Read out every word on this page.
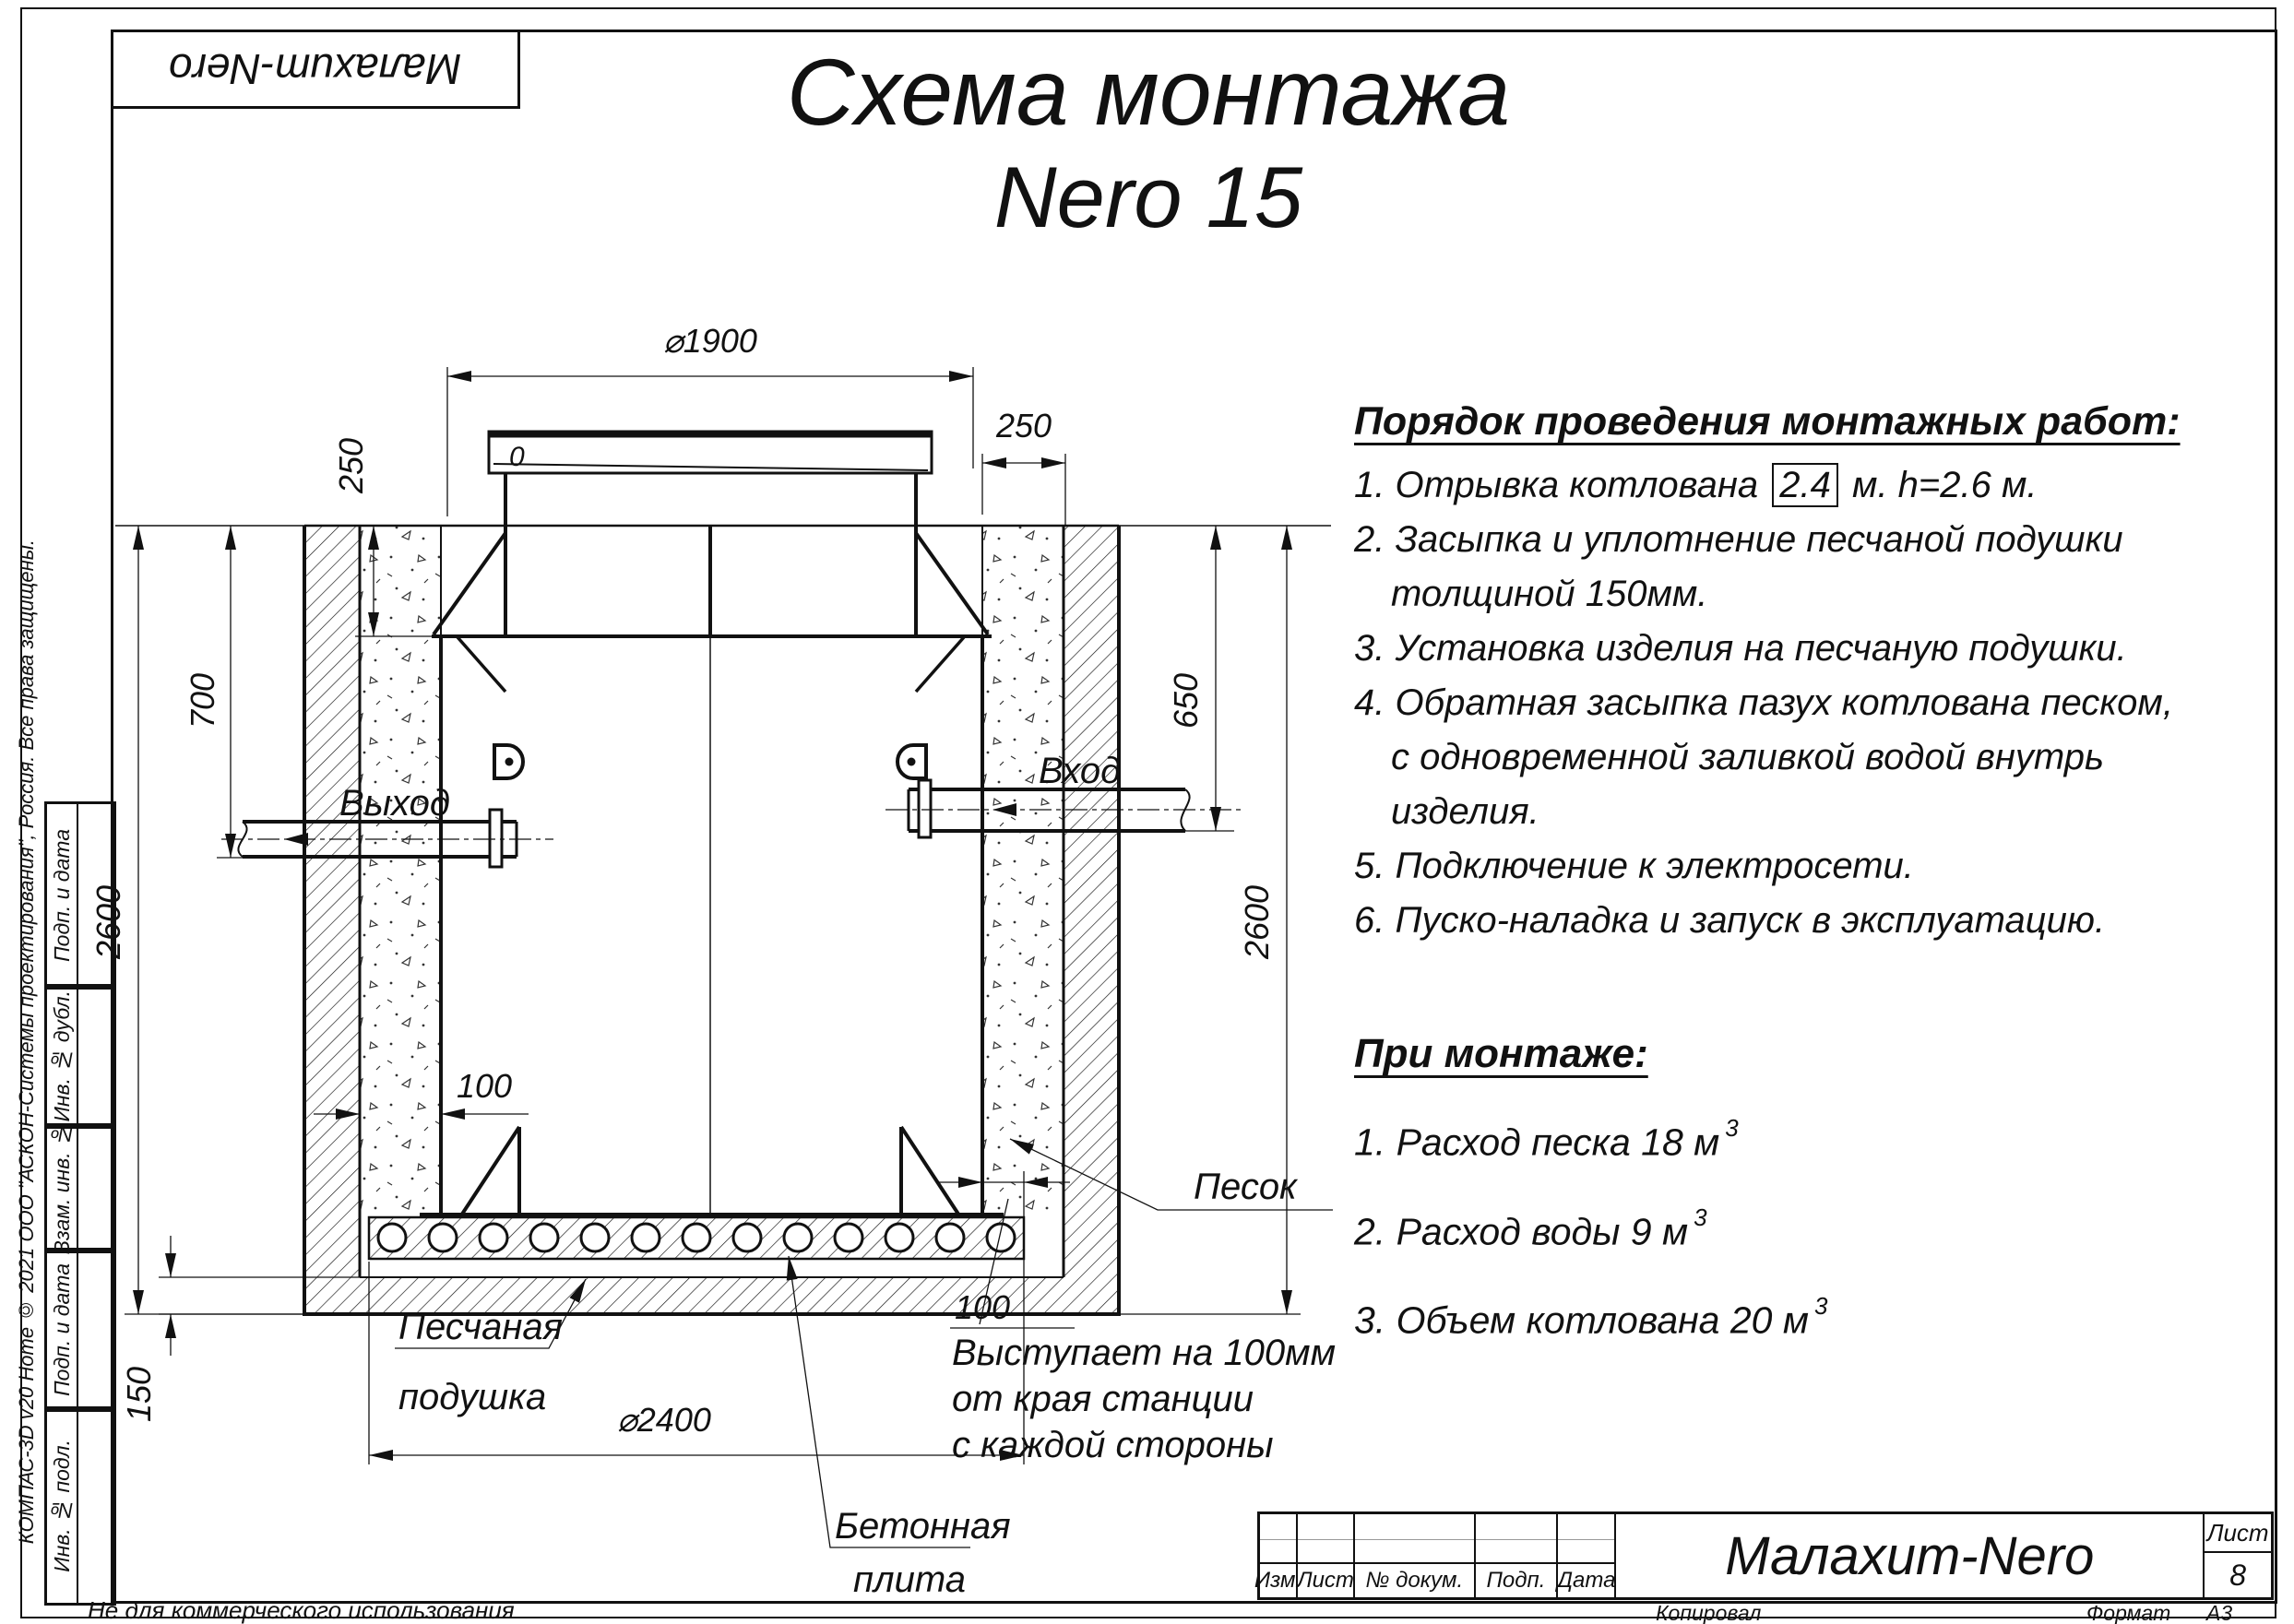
0
Выход
Вход
⌀1900
250
250
700
2600
650
2600
100
150	⌀2400
100
Песок
Песчаная
подушка
Выступает на 100мм
от края станции
с каждой стороны
Бетонная
плита
Малахит-Nero	Схема монтажа
Nero 15
Порядок проведения монтажных работ:
1. Отрывка котлована 2.4 м. h=2.6 м.
2. Засыпка и уплотнение песчаной подушки
толщиной 150мм.
3. Установка изделия на песчаную подушки.
4. Обратная засыпка пазух котлована песком,
с одновременной заливкой водой внутрь
изделия.
5. Подключение к электросети.
6. Пуско-наладка и запуск в эксплуатацию.
При монтаже:
1. Расход песка 18 м $^3$
2. Расход воды 9 м $^3$
3. Объем котлована 20 м $^3$
Подп. и дата
Инв. № дубл.
Взам. инв. №
Подп. и дата
Инв. № подл.
КОМПАС-3D v20 Home © 2021 ООО "АСКОН-Системы проектирования", Россия. Все права защищены.
Не для коммерческого использования
Изм.
Лист № докум.	Подп. Дата Малахит-Nero	Лист
8
Копировал	Формат А3
